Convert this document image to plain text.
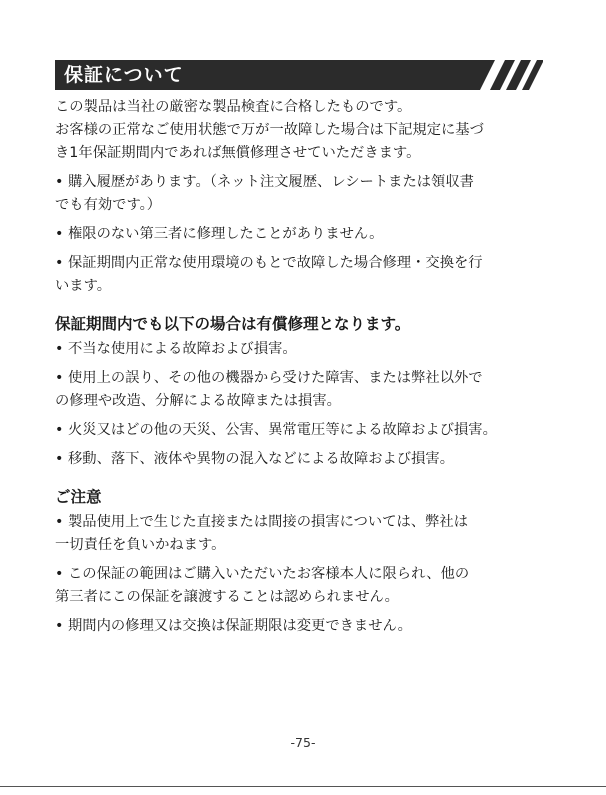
保証について
この製品は当社の厳密な製品検査に合格したものです。
お客様の正常なご使用状態で万が一故障した場合は下記規定に基づ
き1年保証期間内であれば無償修理させていただきます。
• 購入履歴があります。（ネット注文履歴、レシートまたは領収書
でも有効です。）
• 権限のない第三者に修理したことがありません。
• 保証期間内正常な使用環境のもとで故障した場合修理・交換を行
います。
保証期間内でも以下の場合は有償修理となります。
• 不当な使用による故障および損害。
• 使用上の誤り、その他の機器から受けた障害、または弊社以外で
の修理や改造、分解による故障または損害。
• 火災又はどの他の天災、公害、異常電圧等による故障および損害。
• 移動、落下、液体や異物の混入などによる故障および損害。
ご注意
• 製品使用上で生じた直接または間接の損害については、弊社は
一切責任を負いかねます。
• この保証の範囲はご購入いただいたお客様本人に限られ、他の
第三者にこの保証を譲渡することは認められません。
• 期間内の修理又は交換は保証期限は変更できません。
-75-
